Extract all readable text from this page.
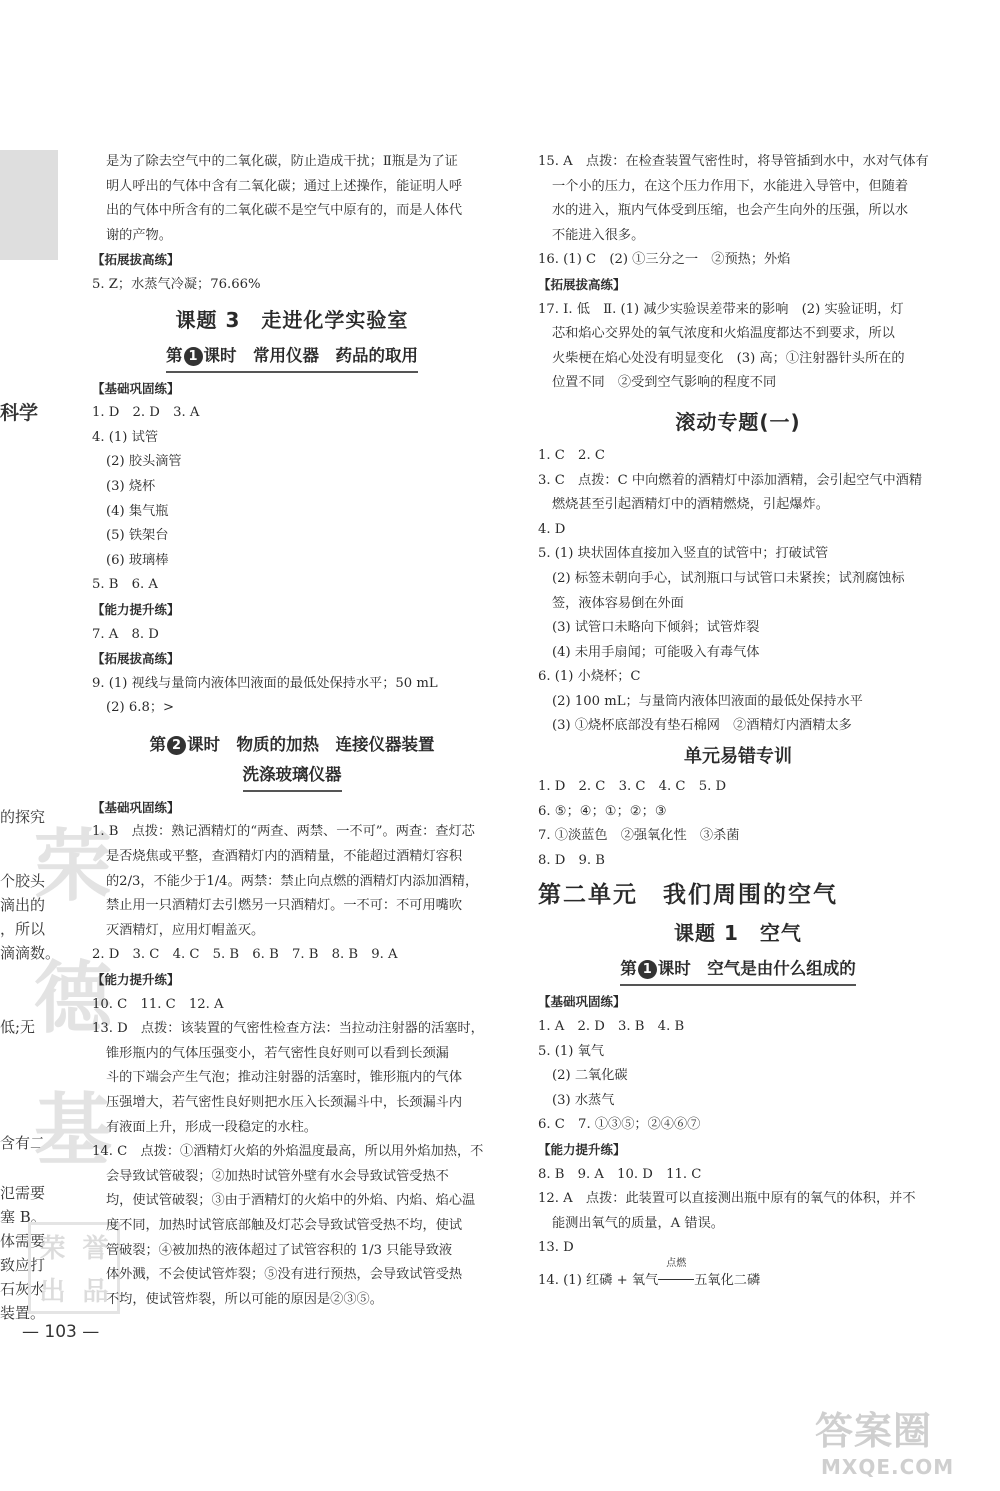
科学
的探究
个胶头
滴出的
，所以
滴滴数。
低;无
含有二
氾需要
塞 B。
体需要
致应打
石灰水
装置。
荣
德
基
荣 誉
出 品
是为了除去空气中的二氧化碳，防止造成干扰；Ⅱ瓶是为了证
明人呼出的气体中含有二氧化碳；通过上述操作，能证明人呼
出的气体中所含有的二氧化碳不是空气中原有的，而是人体代
谢的产物。
【拓展拔高练】
5. Z；水蒸气冷凝；76.66%
课题 3　走进化学实验室
第 1 课时　常用仪器　药品的取用
【基础巩固练】
1. D　2. D　3. A
4. (1) 试管
(2) 胶头滴管
(3) 烧杯
(4) 集气瓶
(5) 铁架台
(6) 玻璃棒
5. B　6. A
【能力提升练】
7. A　8. D
【拓展拔高练】
9. (1) 视线与量筒内液体凹液面的最低处保持水平；50 mL
(2) 6.8；>
第 2 课时　物质的加热　连接仪器装置
洗涤玻璃仪器
【基础巩固练】
1. B　点拨：熟记酒精灯的“两查、两禁、一不可”。两查：查灯芯
是否烧焦或平整，查酒精灯内的酒精量，不能超过酒精灯容积
的2/3，不能少于1/4。两禁：禁止向点燃的酒精灯内添加酒精，
禁止用一只酒精灯去引燃另一只酒精灯。一不可：不可用嘴吹
灭酒精灯，应用灯帽盖灭。
2. D　3. C　4. C　5. B　6. B　7. B　8. B　9. A
【能力提升练】
10. C　11. C　12. A
13. D　点拨：该装置的气密性检查方法：当拉动注射器的活塞时，
锥形瓶内的气体压强变小，若气密性良好则可以看到长颈漏
斗的下端会产生气泡；推动注射器的活塞时，锥形瓶内的气体
压强增大，若气密性良好则把水压入长颈漏斗中，长颈漏斗内
有液面上升，形成一段稳定的水柱。
14. C　点拨：①酒精灯火焰的外焰温度最高，所以用外焰加热，不
会导致试管破裂；②加热时试管外壁有水会导致试管受热不
均，使试管破裂；③由于酒精灯的火焰中的外焰、内焰、焰心温
度不同，加热时试管底部触及灯芯会导致试管受热不均，使试
管破裂；④被加热的液体超过了试管容积的 1/3 只能导致液
体外溅，不会使试管炸裂；⑤没有进行预热，会导致试管受热
不均，使试管炸裂，所以可能的原因是②③⑤。
— 103 —
15. A　点拨：在检查装置气密性时，将导管插到水中，水对气体有
一个小的压力，在这个压力作用下，水能进入导管中，但随着
水的进入，瓶内气体受到压缩，也会产生向外的压强，所以水
不能进入很多。
16. (1) C　(2) ①三分之一　②预热；外焰
【拓展拔高练】
17. Ⅰ. 低　Ⅱ. (1) 减少实验误差带来的影响　(2) 实验证明，灯
芯和焰心交界处的氧气浓度和火焰温度都达不到要求，所以
火柴梗在焰心处没有明显变化　(3) 高；①注射器针头所在的
位置不同　②受到空气影响的程度不同
滚动专题(一)
1. C　2. C
3. C　点拨：C 中向燃着的酒精灯中添加酒精，会引起空气中酒精
燃烧甚至引起酒精灯中的酒精燃烧，引起爆炸。
4. D
5. (1) 块状固体直接加入竖直的试管中；打破试管
(2) 标签未朝向手心，试剂瓶口与试管口未紧挨；试剂腐蚀标
签，液体容易倒在外面
(3) 试管口未略向下倾斜；试管炸裂
(4) 未用手扇闻；可能吸入有毒气体
6. (1) 小烧杯；C
(2) 100 mL；与量筒内液体凹液面的最低处保持水平
(3) ①烧杯底部没有垫石棉网　②酒精灯内酒精太多
单元易错专训
1. D　2. C　3. C　4. C　5. D
6. ⑤；④；①；②；③
7. ①淡蓝色　②强氧化性　③杀菌
8. D　9. B
第二单元　我们周围的空气
课题 1　空气
第 1 课时　空气是由什么组成的
【基础巩固练】
1. A　2. D　3. B　4. B
5. (1) 氧气
(2) 二氧化碳
(3) 水蒸气
6. C　7. ①③⑤；②④⑥⑦
【能力提升练】
8. B　9. A　10. D　11. C
12. A　点拨：此装置可以直接测出瓶中原有的氧气的体积，并不
能测出氧气的质量，A 错误。
13. D
14. (1) 红磷 + 氧气
点燃
五氧化二磷
答案圈
MXQE.COM
